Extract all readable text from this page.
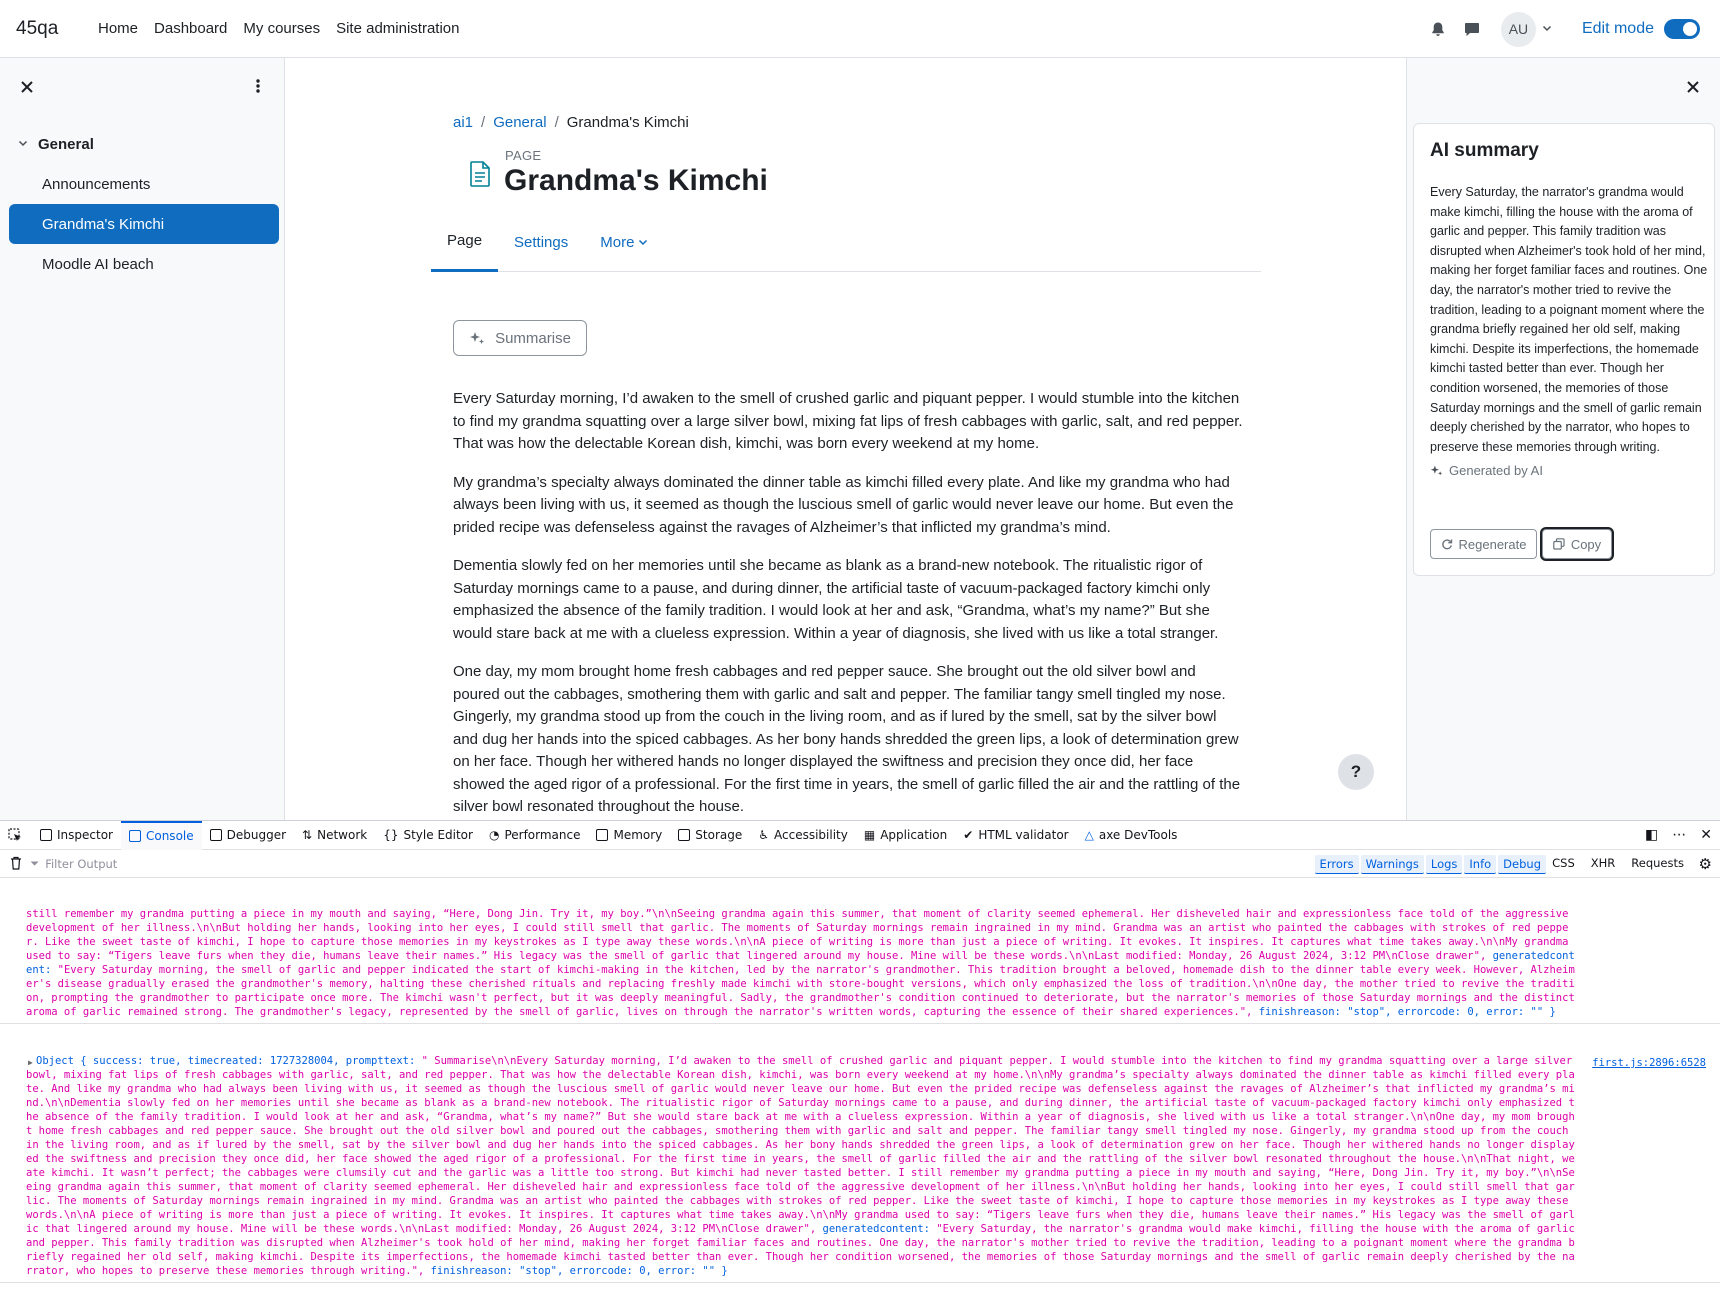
45qa	Home	Dashboard	My courses	Site administration	AU	Edit mode
General
Announcements
Grandma's Kimchi
Moodle AI beach
ai1 / General / Grandma's Kimchi
PAGE
Grandma's Kimchi
Page	Settings	More
Summarise

Every Saturday morning, I’d awaken to the smell of crushed garlic and piquant pepper. I would stumble into the kitchen to find my grandma squatting over a large silver bowl, mixing fat lips of fresh cabbages with garlic, salt, and red pepper. That was how the delectable Korean dish, kimchi, was born every weekend at my home.

My grandma’s specialty always dominated the dinner table as kimchi filled every plate. And like my grandma who had always been living with us, it seemed as though the luscious smell of garlic would never leave our home. But even the prided recipe was defenseless against the ravages of Alzheimer’s that inflicted my grandma’s mind.

Dementia slowly fed on her memories until she became as blank as a brand-new notebook. The ritualistic rigor of Saturday mornings came to a pause, and during dinner, the artificial taste of vacuum-packaged factory kimchi only emphasized the absence of the family tradition. I would look at her and ask, “Grandma, what’s my name?” But she would stare back at me with a clueless expression. Within a year of diagnosis, she lived with us like a total stranger.

One day, my mom brought home fresh cabbages and red pepper sauce. She brought out the old silver bowl and poured out the cabbages, smothering them with garlic and salt and pepper. The familiar tangy smell tingled my nose. Gingerly, my grandma stood up from the couch in the living room, and as if lured by the smell, sat by the silver bowl and dug her hands into the spiced cabbages. As her bony hands shredded the green lips, a look of determination grew on her face. Though her withered hands no longer displayed the swiftness and precision they once did, her face showed the aged rigor of a professional. For the first time in years, the smell of garlic filled the air and the rattling of the silver bowl resonated throughout the house.

?
AI summary
Every Saturday, the narrator's grandma would make kimchi, filling the house with the aroma of garlic and pepper. This family tradition was disrupted when Alzheimer's took hold of her mind, making her forget familiar faces and routines. One day, the narrator's mother tried to revive the tradition, leading to a poignant moment where the grandma briefly regained her old self, making kimchi. Despite its imperfections, the homemade kimchi tasted better than ever. Though her condition worsened, the memories of those Saturday mornings and the smell of garlic remain deeply cherished by the narrator, who hopes to preserve these memories through writing.
Generated by AI
Regenerate	Copy
Inspector	Console	Debugger ⇅ Network {} Style Editor ◔ Performance	Memory	Storage ♿ Accessibility ▦ Application ✔ HTML validator △ axe DevTools	◧ ⋯ ✕
⏷ Filter Output	Errors	Warnings	Logs	Info	Debug CSS XHR Requests ⚙

still remember my grandma putting a piece in my mouth and saying, “Here, Dong Jin. Try it, my boy.”\n\nSeeing grandma again this summer, that moment of clarity seemed ephemeral. Her disheveled hair and expressionless face told of the aggressive development of her illness.\n\nBut holding her hands, looking into her eyes, I could still smell that garlic. The moments of Saturday mornings remain ingrained in my mind. Grandma was an artist who painted the cabbages with strokes of red pepper. Like the sweet taste of kimchi, I hope to capture those memories in my keystrokes as I type away these words.\n\nA piece of writing is more than just a piece of writing. It evokes. It inspires. It captures what time takes away.\n\nMy grandma used to say: “Tigers leave furs when they die, humans leave their names.” His legacy was the smell of garlic that lingered around my house. Mine will be these words.\n\nLast modified: Monday, 26 August 2024, 3:12 PM\nClose drawer", generatedcontent: "Every Saturday morning, the smell of garlic and pepper indicated the start of kimchi-making in the kitchen, led by the narrator's grandmother. This tradition brought a beloved, homemade dish to the dinner table every week. However, Alzheimer's disease gradually erased the grandmother's memory, halting these cherished rituals and replacing freshly made kimchi with store-bought versions, which only emphasized the loss of tradition.\n\nOne day, the mother tried to revive the tradition, prompting the grandmother to participate once more. The kimchi wasn't perfect, but it was deeply meaningful. Sadly, the grandmother's condition continued to deteriorate, but the narrator's memories of those Saturday mornings and the distinct aroma of garlic remained strong. The grandmother's legacy, represented by the smell of garlic, lives on through the narrator's written words, capturing the essence of their shared experiences.", finishreason: "stop", errorcode: 0, error: "" }

▶	first.js:2896:6528
Object { success: true, timecreated: 1727328004, prompttext: " Summarise\n\nEvery Saturday morning, I’d awaken to the smell of crushed garlic and piquant pepper. I would stumble into the kitchen to find my grandma squatting over a large silver bowl, mixing fat lips of fresh cabbages with garlic, salt, and red pepper. That was how the delectable Korean dish, kimchi, was born every weekend at my home.\n\nMy grandma’s specialty always dominated the dinner table as kimchi filled every plate. And like my grandma who had always been living with us, it seemed as though the luscious smell of garlic would never leave our home. But even the prided recipe was defenseless against the ravages of Alzheimer’s that inflicted my grandma’s mind.\n\nDementia slowly fed on her memories until she became as blank as a brand-new notebook. The ritualistic rigor of Saturday mornings came to a pause, and during dinner, the artificial taste of vacuum-packaged factory kimchi only emphasized the absence of the family tradition. I would look at her and ask, “Grandma, what’s my name?” But she would stare back at me with a clueless expression. Within a year of diagnosis, she lived with us like a total stranger.\n\nOne day, my mom brought home fresh cabbages and red pepper sauce. She brought out the old silver bowl and poured out the cabbages, smothering them with garlic and salt and pepper. The familiar tangy smell tingled my nose. Gingerly, my grandma stood up from the couch in the living room, and as if lured by the smell, sat by the silver bowl and dug her hands into the spiced cabbages. As her bony hands shredded the green lips, a look of determination grew on her face. Though her withered hands no longer displayed the swiftness and precision they once did, her face showed the aged rigor of a professional. For the first time in years, the smell of garlic filled the air and the rattling of the silver bowl resonated throughout the house.\n\nThat night, we ate kimchi. It wasn’t perfect; the cabbages were clumsily cut and the garlic was a little too strong. But kimchi had never tasted better. I still remember my grandma putting a piece in my mouth and saying, “Here, Dong Jin. Try it, my boy.”\n\nSeeing grandma again this summer, that moment of clarity seemed ephemeral. Her disheveled hair and expressionless face told of the aggressive development of her illness.\n\nBut holding her hands, looking into her eyes, I could still smell that garlic. The moments of Saturday mornings remain ingrained in my mind. Grandma was an artist who painted the cabbages with strokes of red pepper. Like the sweet taste of kimchi, I hope to capture those memories in my keystrokes as I type away these words.\n\nA piece of writing is more than just a piece of writing. It evokes. It inspires. It captures what time takes away.\n\nMy grandma used to say: “Tigers leave furs when they die, humans leave their names.” His legacy was the smell of garlic that lingered around my house. Mine will be these words.\n\nLast modified: Monday, 26 August 2024, 3:12 PM\nClose drawer", generatedcontent: "Every Saturday, the narrator's grandma would make kimchi, filling the house with the aroma of garlic and pepper. This family tradition was disrupted when Alzheimer's took hold of her mind, making her forget familiar faces and routines. One day, the narrator's mother tried to revive the tradition, leading to a poignant moment where the grandma briefly regained her old self, making kimchi. Despite its imperfections, the homemade kimchi tasted better than ever. Though her condition worsened, the memories of those Saturday mornings and the smell of garlic remain deeply cherished by the narrator, who hopes to preserve these memories through writing.", finishreason: "stop", errorcode: 0, error: "" }
